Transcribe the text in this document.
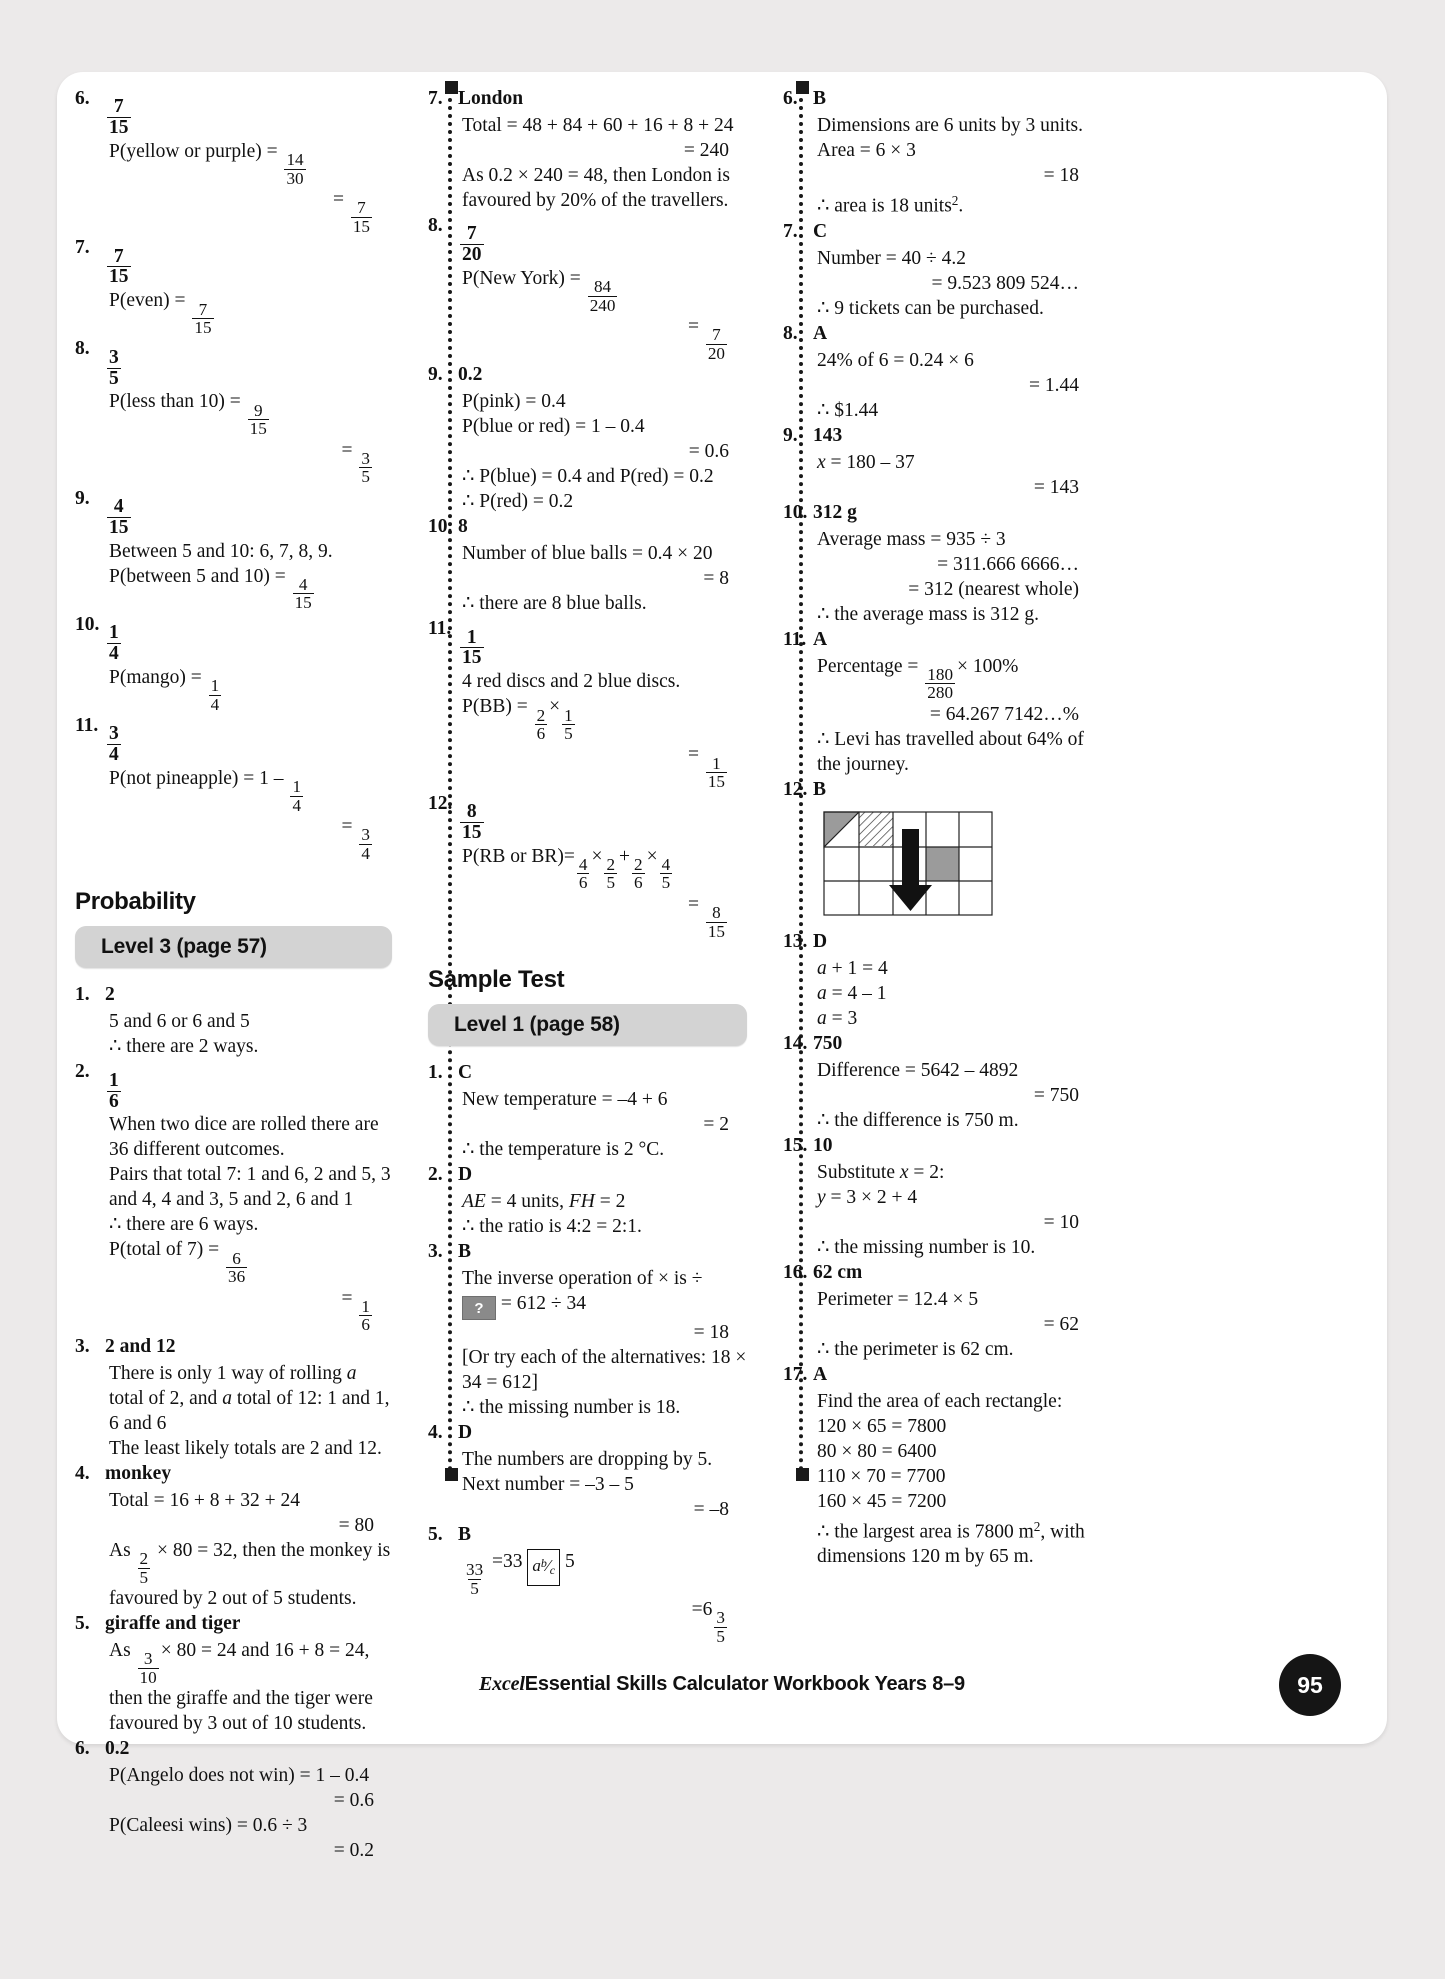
6. $\frac{7}{15}$
P(yellow or purple) = $\frac{14}{30}$
= $\frac{7}{15}$
7. $\frac{7}{15}$
P(even) = $\frac{7}{15}$
8. $\frac{3}{5}$
P(less than $10) = \frac{9}{15}$
= $\frac{3}{5}$
9. $\frac{4}{15}$
Between 5 and 10: 6, 7, 8, 9.
P(between 5 and $10) = \frac{4}{15}$
10. $\frac{1}{4}$
P(mango) = $\frac{1}{4}$
11. $\frac{3}{4}$
P(not pineapple) = $1 - \frac{1}{4}$
= $\frac{3}{4}$
Probability
Level 3 (page 57)
1. 2
5 and 6 or 6 and 5
∴ there are 2 ways.
2. $\frac{1}{6}$
When two dice are rolled there are 36 different outcomes.
Pairs that total 7: 1 and 6, 2 and 5, 3 and 4, 4 and 3, 5 and 2, 6 and 1
∴ there are 6 ways.
P(total of $7) = \frac{6}{36}$
= $\frac{1}{6}$
3. 2 and 12
There is only 1 way of rolling a total of 2, and a total of 12: 1 and 1, 6 and 6
The least likely totals are 2 and 12.
4. monkey
Total = 16 + 8 + 32 + 24
= 80
As $\frac{2}{5} \times 80 = 32$, then the monkey is favoured by 2 out of 5 students.
5. giraffe and tiger
As $\frac{3}{10} \times 80 = 24$ and 16 + 8 = 24, then the giraffe and the tiger were favoured by 3 out of 10 students.
6. 0.2
P(Angelo does not win) = 1 – 0.4
= 0.6
P(Caleesi wins) = 0.6 ÷ 3
= 0.2
7. London
Total = 48 + 84 + 60 + 16 + 8 + 24
= 240
As 0.2 × 240 = 48, then London is favoured by 20% of the travellers.
8. $\frac{7}{20}$
P(New York) = $\frac{84}{240}$
= $\frac{7}{20}$
9. 0.2
P(pink) = 0.4
P(blue or red) = 1 – 0.4
= 0.6
∴ P(blue) = 0.4 and P(red) = 0.2
∴ P(red) = 0.2
10. 8
Number of blue balls = 0.4 × 20
= 8
∴ there are 8 blue balls.
11. $\frac{1}{15}$
4 red discs and 2 blue discs.
$P(BB) = \frac{2}{6} \times \frac{1}{5}$
= $\frac{1}{15}$
12. $\frac{8}{15}$
P(RB or $BR)= \frac{4}{6} \times \frac{2}{5} + \frac{2}{6} \times \frac{4}{5}$
= $\frac{8}{15}$
Sample Test
Level 1 (page 58)
1. C
New temperature = –4 + 6
= 2
∴ the temperature is 2 °C.
2. D
AE = 4 units, FH = 2
∴ the ratio is 4:2 = 2:1.
3. B
The inverse operation of × is ÷
? = 612 ÷ 34
= 18
[Or try each of the alternatives: 18 × 34 = 612]
∴ the missing number is 18.
4. D
The numbers are dropping by 5.
Next number = –3 – 5
= –8
5. B
$\frac{33}{5} =33$ $a^b⁄_c$ 5
$=6 \frac{3}{5}$
6. B
Dimensions are 6 units by 3 units.
Area = 6 × 3
= 18
∴ area is 18 units$^2$.
7. C
Number = 40 ÷ 4.2
= 9.523 809 524…
∴ 9 tickets can be purchased.
8. A
24% of 6 = 0.24 × 6
= 1.44
∴ $1.44
9. 143
x = 180 – 37
= 143
10. 312 g
Average mass = 935 ÷ 3
= 311.666 6666…
= 312 (nearest whole)
∴ the average mass is 312 g.
11. A
Percentage = $\frac{180}{280} \times 100\%$
= 64.267 7142…%
∴ Levi has travelled about 64% of the journey.
12. B
13. D
a + 1 = 4
a = 4 – 1
a = 3
14. 750
Difference = 5642 – 4892
= 750
∴ the difference is 750 m.
15. 10
Substitute x = 2:
y = 3 × 2 + 4
= 10
∴ the missing number is 10.
16. 62 cm
Perimeter = 12.4 × 5
= 62
∴ the perimeter is 62 cm.
17. A
Find the area of each rectangle:
120 × 65 = 7800
80 × 80 = 6400
110 × 70 = 7700
160 × 45 = 7200
∴ the largest area is 7800 $m^2$, with dimensions 120 m by 65 m.
ExcelEssential Skills Calculator Workbook Years 8–9	95
